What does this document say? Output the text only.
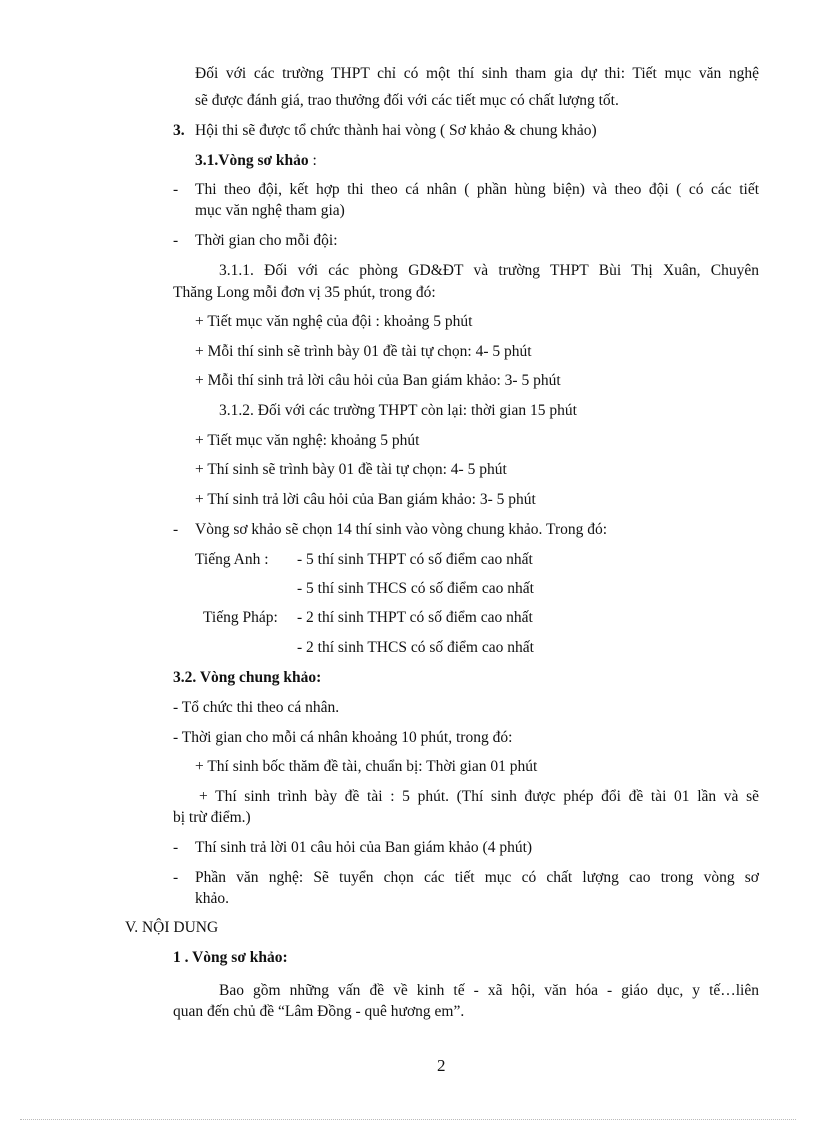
Đối với các trường THPT chỉ có một thí sinh tham gia dự thi: Tiết mục văn nghệ
sẽ được đánh giá, trao thưởng đối với các tiết mục có chất lượng tốt.
3. Hội thi sẽ được tổ chức thành hai vòng ( Sơ khảo & chung khảo)
3.1.Vòng sơ khảo :
- Thi theo đội, kết hợp thi theo cá nhân ( phần hùng biện) và theo đội ( có các tiết
mục văn nghệ tham gia)
- Thời gian cho mỗi đội:
3.1.1. Đối với các phòng GD&ĐT và trường THPT Bùi Thị Xuân, Chuyên
Thăng Long mỗi đơn vị 35 phút, trong đó:
+ Tiết mục văn nghệ của đội : khoảng 5 phút
+ Mỗi thí sinh sẽ trình bày 01 đề tài tự chọn: 4- 5 phút
+ Mỗi thí sinh trả lời câu hỏi của Ban giám khảo: 3- 5 phút
3.1.2. Đối với các trường THPT còn lại: thời gian 15 phút
+ Tiết mục văn nghệ: khoảng 5 phút
+ Thí sinh sẽ trình bày 01 đề tài tự chọn: 4- 5 phút
+ Thí sinh trả lời câu hỏi của Ban giám khảo: 3- 5 phút
- Vòng sơ khảo sẽ chọn 14 thí sinh vào vòng chung khảo. Trong đó:
Tiếng Anh : - 5 thí sinh THPT có số điểm cao nhất
- 5 thí sinh THCS có số điểm cao nhất
Tiếng Pháp: - 2 thí sinh THPT có số điểm cao nhất
- 2 thí sinh THCS có số điểm cao nhất
3.2. Vòng chung khảo:
- Tổ chức thi theo cá nhân.
- Thời gian cho mỗi cá nhân khoảng 10 phút, trong đó:
+ Thí sinh bốc thăm đề tài, chuẩn bị: Thời gian 01 phút
+ Thí sinh trình bày đề tài : 5 phút. (Thí sinh được phép đổi đề tài 01 lần và sẽ
bị trừ điểm.)
- Thí sinh trả lời 01 câu hỏi của Ban giám khảo (4 phút)
- Phần văn nghệ: Sẽ tuyển chọn các tiết mục có chất lượng cao trong vòng sơ
khảo.
V. NỘI DUNG
1 . Vòng sơ khảo:
Bao gồm những vấn đề về kinh tế - xã hội, văn hóa - giáo dục, y tế…liên
quan đến chủ đề “Lâm Đồng - quê hương em”.
2
